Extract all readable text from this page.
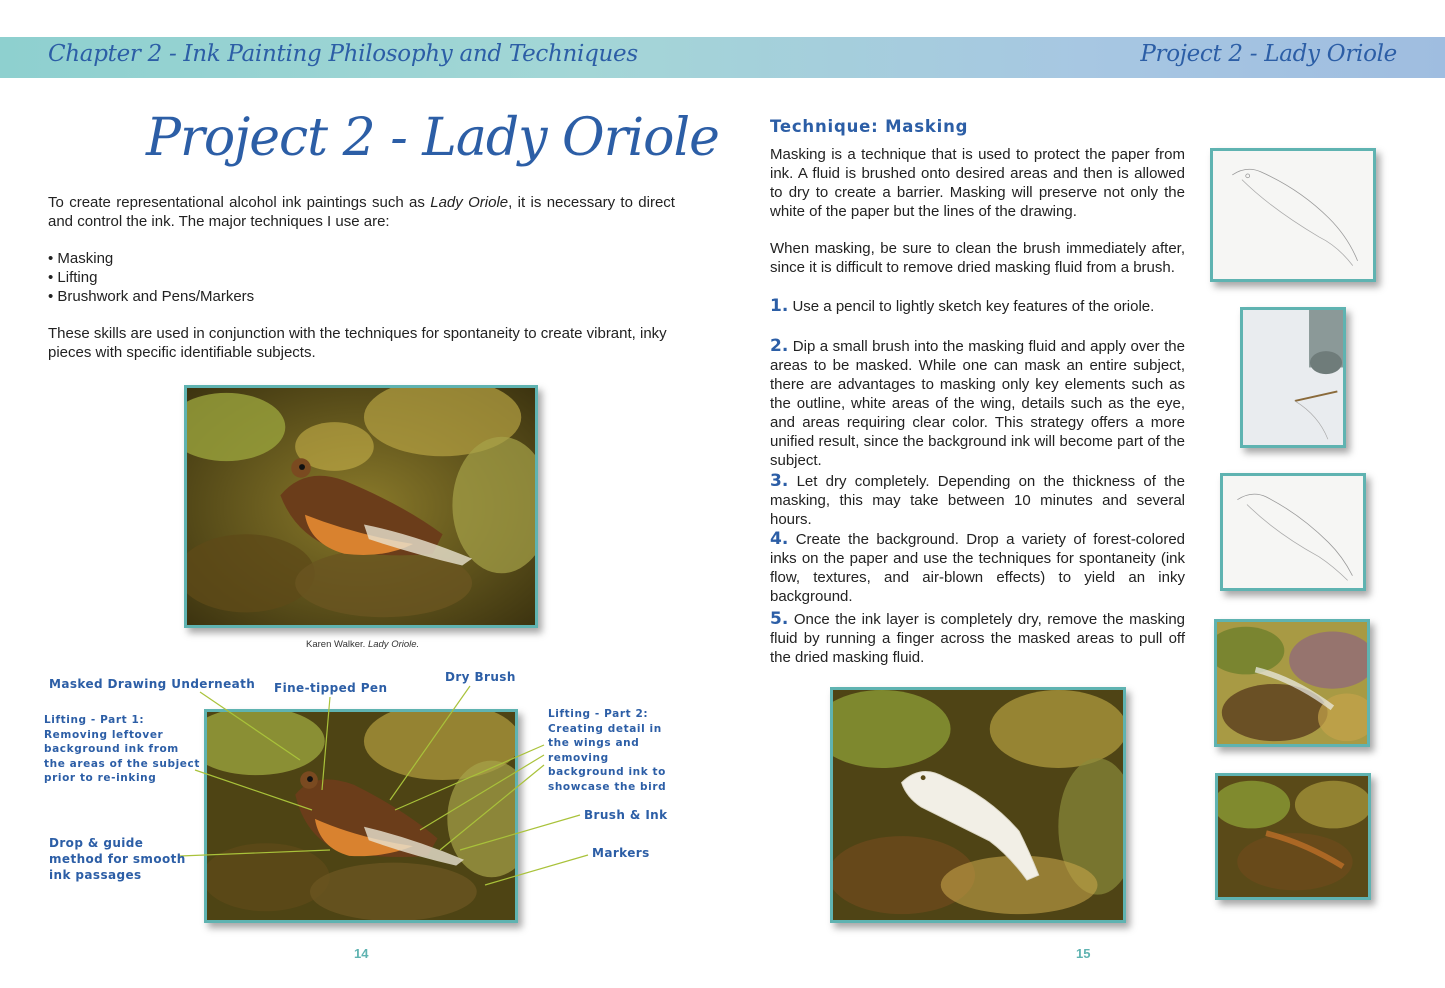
Chapter 2 - Ink Painting Philosophy and Techniques	Project 2 - Lady Oriole
Project 2 - Lady Oriole

To create representational alcohol ink paintings such as Lady Oriole, it is necessary to direct and control the ink. The major techniques I use are:

• Masking
• Lifting
• Brushwork and Pens/Markers

These skills are used in conjunction with the techniques for spontaneity to create vibrant, inky pieces with specific identifiable subjects.

Karen Walker. Lady Oriole.
Masked Drawing Underneath Fine-tipped Pen
Dry Brush
Lifting - Part 1:
Removing leftover
background ink from
the areas of the subject
prior to re-inking
Lifting - Part 2:
Creating detail in
the wings and
removing
background ink to
showcase the bird
Brush & Ink
Markers
Drop & guide
method for smooth
ink passages
14
Technique: Masking

Masking is a technique that is used to protect the paper from ink. A fluid is brushed onto desired areas and then is allowed to dry to create a barrier. Masking will preserve not only the white of the paper but the lines of the drawing.

When masking, be sure to clean the brush immediately after, since it is difficult to remove dried masking fluid from a brush.

1. Use a pencil to lightly sketch key features of the oriole.

2. Dip a small brush into the masking fluid and apply over the areas to be masked. While one can mask an entire subject, there are advantages to masking only key elements such as the outline, white areas of the wing, details such as the eye, and areas requiring clear color. This strategy offers a more unified result, since the background ink will become part of the subject.

3. Let dry completely. Depending on the thickness of the masking, this may take between 10 minutes and several hours.

4. Create the background. Drop a variety of forest-colored inks on the paper and use the techniques for spontaneity (ink flow, textures, and air-blown effects) to yield an inky background.

5. Once the ink layer is completely dry, remove the masking fluid by running a finger across the masked areas to pull off the dried masking fluid.

15
